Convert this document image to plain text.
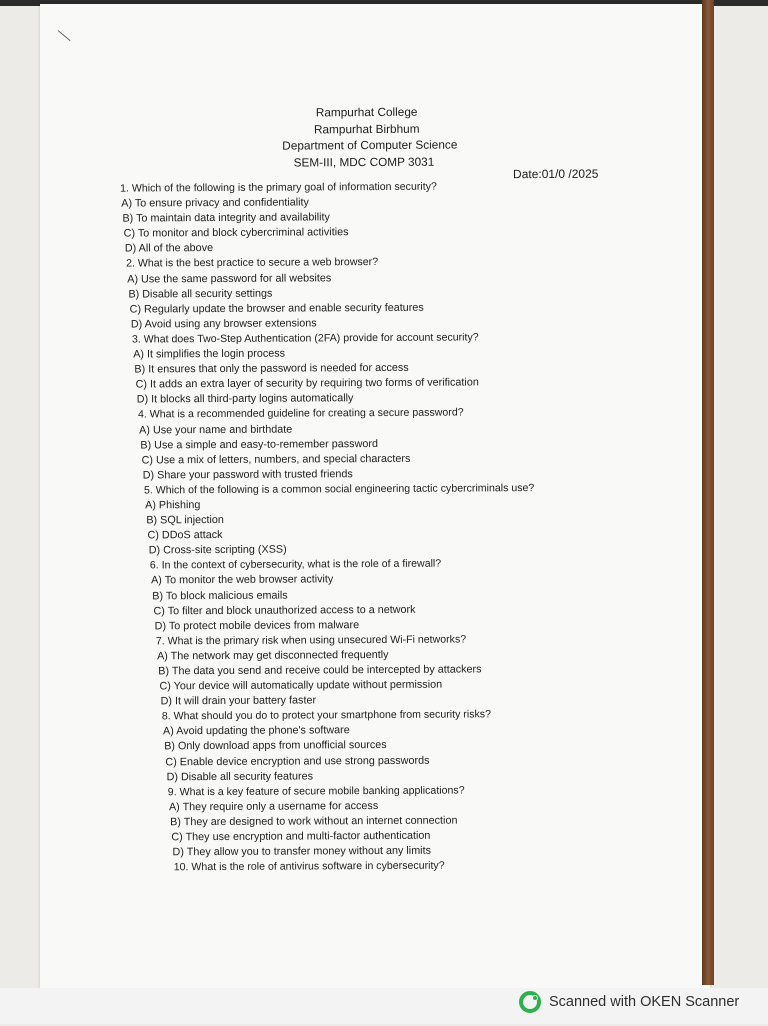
Rampurhat College
Rampurhat Birbhum
Department of Computer Science
SEM-III, MDC COMP 3031
Date:01/0 /2025
1. Which of the following is the primary goal of information security?
A) To ensure privacy and confidentiality
B) To maintain data integrity and availability
C) To monitor and block cybercriminal activities
D) All of the above
2. What is the best practice to secure a web browser?
A) Use the same password for all websites
B) Disable all security settings
C) Regularly update the browser and enable security features
D) Avoid using any browser extensions
3. What does Two-Step Authentication (2FA) provide for account security?
A) It simplifies the login process
B) It ensures that only the password is needed for access
C) It adds an extra layer of security by requiring two forms of verification
D) It blocks all third-party logins automatically
4. What is a recommended guideline for creating a secure password?
A) Use your name and birthdate
B) Use a simple and easy-to-remember password
C) Use a mix of letters, numbers, and special characters
D) Share your password with trusted friends
5. Which of the following is a common social engineering tactic cybercriminals use?
A) Phishing
B) SQL injection
C) DDoS attack
D) Cross-site scripting (XSS)
6. In the context of cybersecurity, what is the role of a firewall?
A) To monitor the web browser activity
B) To block malicious emails
C) To filter and block unauthorized access to a network
D) To protect mobile devices from malware
7. What is the primary risk when using unsecured Wi-Fi networks?
A) The network may get disconnected frequently
B) The data you send and receive could be intercepted by attackers
C) Your device will automatically update without permission
D) It will drain your battery faster
8. What should you do to protect your smartphone from security risks?
A) Avoid updating the phone's software
B) Only download apps from unofficial sources
C) Enable device encryption and use strong passwords
D) Disable all security features
9. What is a key feature of secure mobile banking applications?
A) They require only a username for access
B) They are designed to work without an internet connection
C) They use encryption and multi-factor authentication
D) They allow you to transfer money without any limits
10. What is the role of antivirus software in cybersecurity?
Scanned with OKEN Scanner
